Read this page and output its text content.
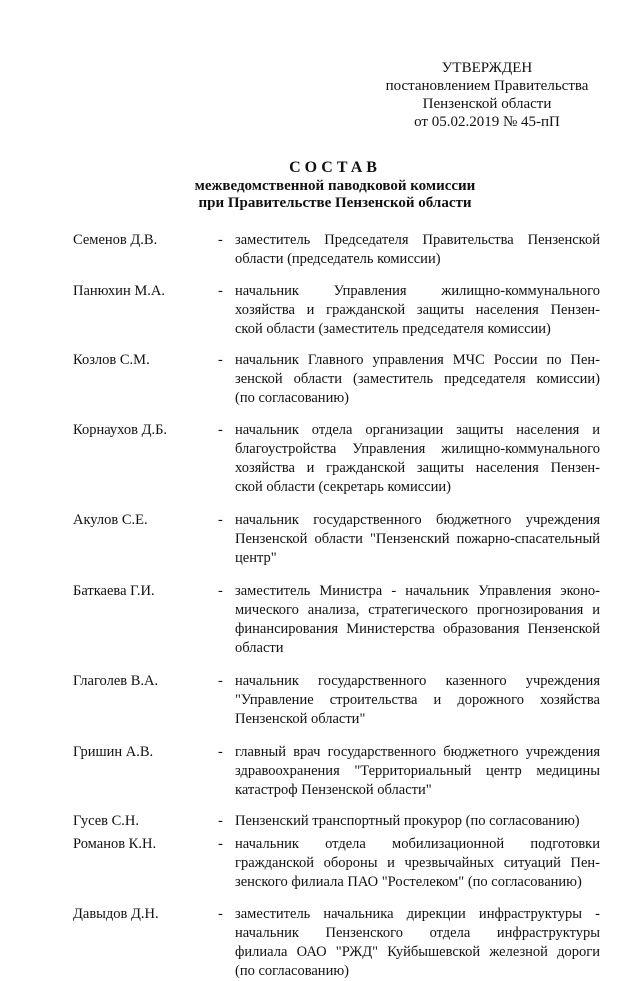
УТВЕРЖДЕН
постановлением Правительства
Пензенской области
от 05.02.2019 № 45-пП
СОСТАВ
межведомственной паводковой комиссии
при Правительстве Пензенской области
Семенов Д.В.	- заместитель Председателя Правительства Пензенской
области (председатель комиссии)
Панюхин М.А.	- начальник Управления жилищно-коммунального
хозяйства и гражданской защиты населения Пензен-
ской области (заместитель председателя комиссии)
Козлов С.М.	- начальник Главного управления МЧС России по Пен-
зенской области (заместитель председателя комиссии)
(по согласованию)
Корнаухов Д.Б.	- начальник отдела организации защиты населения и
благоустройства Управления жилищно-коммунального
хозяйства и гражданской защиты населения Пензен-
ской области (секретарь комиссии)
Акулов С.Е.	- начальник государственного бюджетного учреждения
Пензенской области "Пензенский пожарно-спасательный
центр"
Баткаева Г.И.	- заместитель Министра - начальник Управления эконо-
мического анализа, стратегического прогнозирования и
финансирования Министерства образования Пензенской
области
Глаголев В.А.	- начальник государственного казенного учреждения
"Управление строительства и дорожного хозяйства
Пензенской области"
Гришин А.В.	- главный врач государственного бюджетного учреждения
здравоохранения "Территориальный центр медицины
катастроф Пензенской области"
Гусев С.Н.	- Пензенский транспортный прокурор (по согласованию)
Романов К.Н.	- начальник отдела мобилизационной подготовки
гражданской обороны и чрезвычайных ситуаций Пен-
зенского филиала ПАО "Ростелеком" (по согласованию)
Давыдов Д.Н.	- заместитель начальника дирекции инфраструктуры -
начальник Пензенского отдела инфраструктуры
филиала ОАО "РЖД" Куйбышевской железной дороги
(по согласованию)
